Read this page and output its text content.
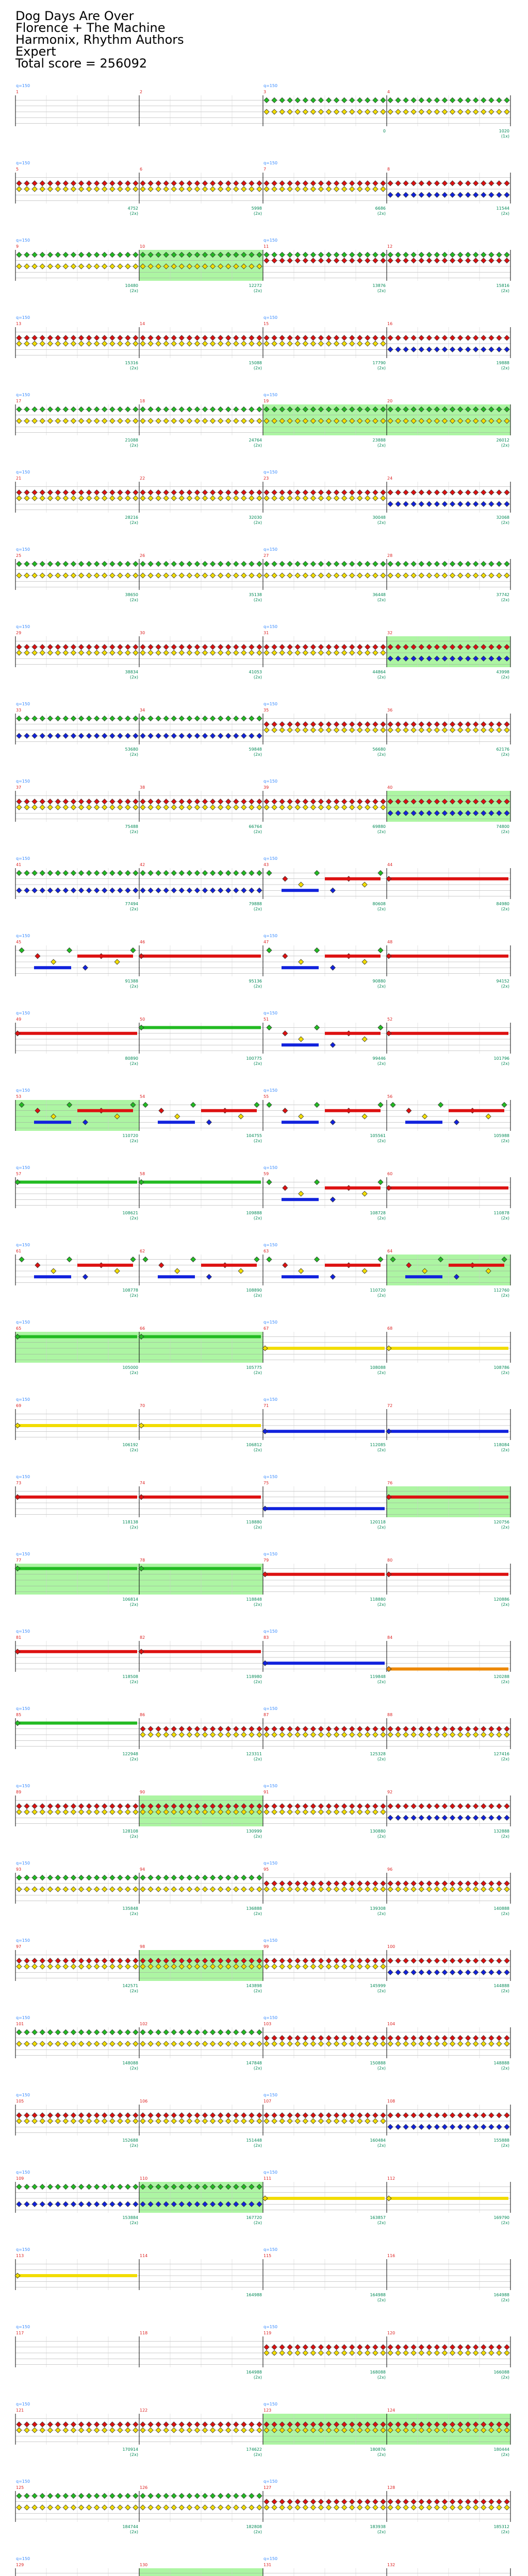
Dog Days Are Over
Florence + The Machine
Harmonix, Rhythm Authors
Expert
Total score = 256092
1
q=150
2	3
q=150
0
4
1020
(1x)
5
q=150
4752
(2x)
6
5998
(2x)
7
q=150
6686
(2x)
8
11544
(2x)
9
q=150
10480
(2x)
10
12272
(2x)
11
q=150
13876
(2x)
12
15816
(2x)
13
q=150
15316
(2x)
14
15088
(2x)
15
q=150
17790
(2x)
16
19888
(2x)
17
q=150
21088
(2x)
18
24764
(2x)
19
q=150
23888
(2x)
20
26012
(2x)
21
q=150
28216
(2x)
22
32030
(2x)
23
q=150
30048
(2x)
24
32068
(2x)
25
q=150
38650
(2x)
26
35138
(2x)
27
q=150
36448
(2x)
28
37742
(2x)
29
q=150
38834
(2x)
30
41053
(2x)
31
q=150
44864
(2x)
32
43998
(2x)
33
q=150
53680
(2x)
34
59848
(2x)
35
q=150
56680
(2x)
36
62176
(2x)
37
q=150
75488
(2x)
38
66764
(2x)
39
q=150
69880
(2x)
40
74800
(2x)
41
q=150
77494
(2x)
42
79888
(2x)
43
q=150
80608
(2x)
44
84980
(2x)
45
q=150
91388
(2x)
46
95136
(2x)
47
q=150
90880
(2x)
48
94152
(2x)
49
q=150
80890
(2x)
50
100775
(2x)
51
q=150
99446
(2x)
52
101796
(2x)
53
q=150
110720
(2x)
54
104755
(2x)
55
q=150
105561
(2x)
56
105988
(2x)
57
q=150
108621
(2x)
58
109888
(2x)
59
q=150
108728
(2x)
60
110878
(2x)
61
q=150
108778
(2x)
62
108890
(2x)
63
q=150
110720
(2x)
64
112760
(2x)
65
q=150
105000
(2x)
66
105775
(2x)
67
q=150
108088
(2x)
68
108786
(2x)
69
q=150
106192
(2x)
70
106812
(2x)
71
q=150
112085
(2x)
72
118084
(2x)
73
q=150
118138
(2x)
74
118880
(2x)
75
q=150
120118
(2x)
76
120756
(2x)
77
q=150
106814
(2x)
78
118848
(2x)
79
q=150
118880
(2x)
80
120886
(2x)
81
q=150
118508
(2x)
82
118980
(2x)
83
q=150
119848
(2x)
84
120288
(2x)
85
q=150
122948
(2x)
86
123311
(2x)
87
q=150
125328
(2x)
88
127416
(2x)
89
q=150
128108
(2x)
90
130999
(2x)
91
q=150
130880
(2x)
92
132888
(2x)
93
q=150
135848
(2x)
94
136888
(2x)
95
q=150
139308
(2x)
96
140888
(2x)
97
q=150
142571
(2x)
98
143898
(2x)
99
q=150
145999
(2x)
100
144888
(2x)
101
q=150
148088
(2x)
102
147848
(2x)
103
q=150
150888
(2x)
104
148888
(2x)
105
q=150
152688
(2x)
106
151448
(2x)
107
q=150
160484
(2x)
108
155888
(2x)
109
q=150
153884
(2x)
110
167720
(2x)
111
q=150
163857
(2x)
112
169790
(2x)
113
q=150
114
164988
115
q=150
164988
(2x)
116
164988
(2x)
117
q=150
118
164988
(2x)
119
q=150
168088
(2x)
120
166088
(2x)
121
q=150
170914
(2x)
122
174622
(2x)
123
q=150
180876
(2x)
124
180444
(2x)
125
q=150
184744
(2x)
126
182808
(2x)
127
q=150
183938
(2x)
128
185312
(2x)
129
q=150
130	131
q=150
132
